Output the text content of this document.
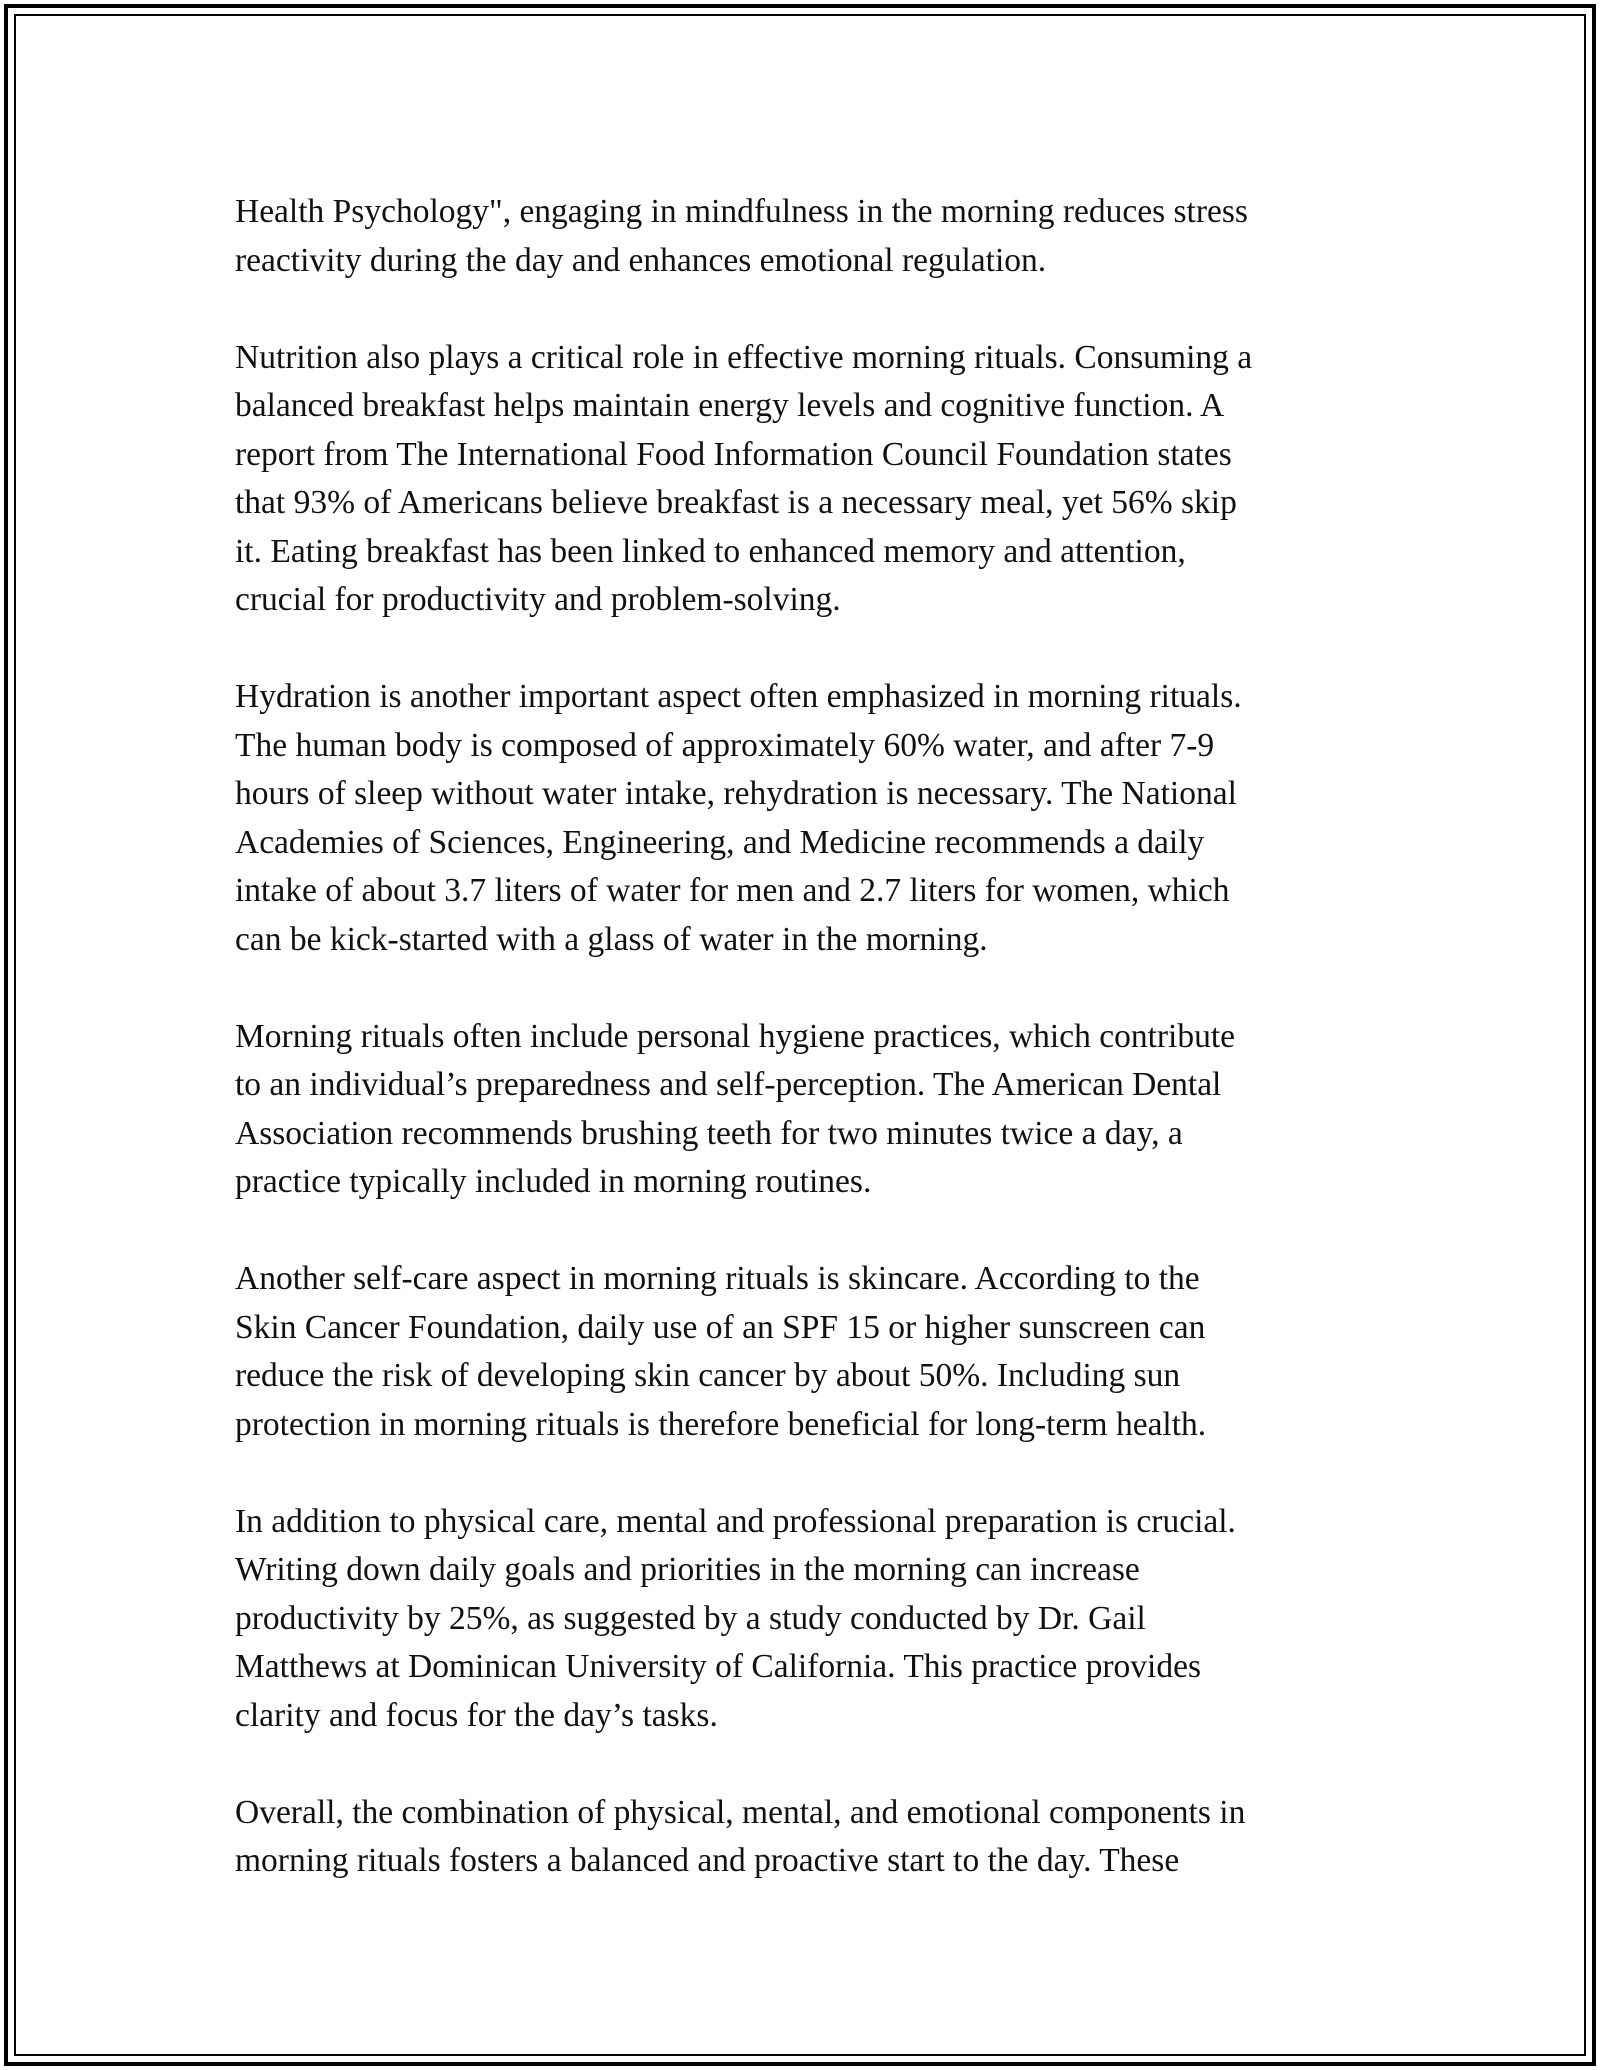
Health Psychology", engaging in mindfulness in the morning reduces stress
reactivity during the day and enhances emotional regulation.

Nutrition also plays a critical role in effective morning rituals. Consuming a
balanced breakfast helps maintain energy levels and cognitive function. A
report from The International Food Information Council Foundation states
that 93% of Americans believe breakfast is a necessary meal, yet 56% skip
it. Eating breakfast has been linked to enhanced memory and attention,
crucial for productivity and problem-solving.

Hydration is another important aspect often emphasized in morning rituals.
The human body is composed of approximately 60% water, and after 7-9
hours of sleep without water intake, rehydration is necessary. The National
Academies of Sciences, Engineering, and Medicine recommends a daily
intake of about 3.7 liters of water for men and 2.7 liters for women, which
can be kick-started with a glass of water in the morning.

Morning rituals often include personal hygiene practices, which contribute
to an individual’s preparedness and self-perception. The American Dental
Association recommends brushing teeth for two minutes twice a day, a
practice typically included in morning routines.

Another self-care aspect in morning rituals is skincare. According to the
Skin Cancer Foundation, daily use of an SPF 15 or higher sunscreen can
reduce the risk of developing skin cancer by about 50%. Including sun
protection in morning rituals is therefore beneficial for long-term health.

In addition to physical care, mental and professional preparation is crucial.
Writing down daily goals and priorities in the morning can increase
productivity by 25%, as suggested by a study conducted by Dr. Gail
Matthews at Dominican University of California. This practice provides
clarity and focus for the day’s tasks.

Overall, the combination of physical, mental, and emotional components in
morning rituals fosters a balanced and proactive start to the day. These
